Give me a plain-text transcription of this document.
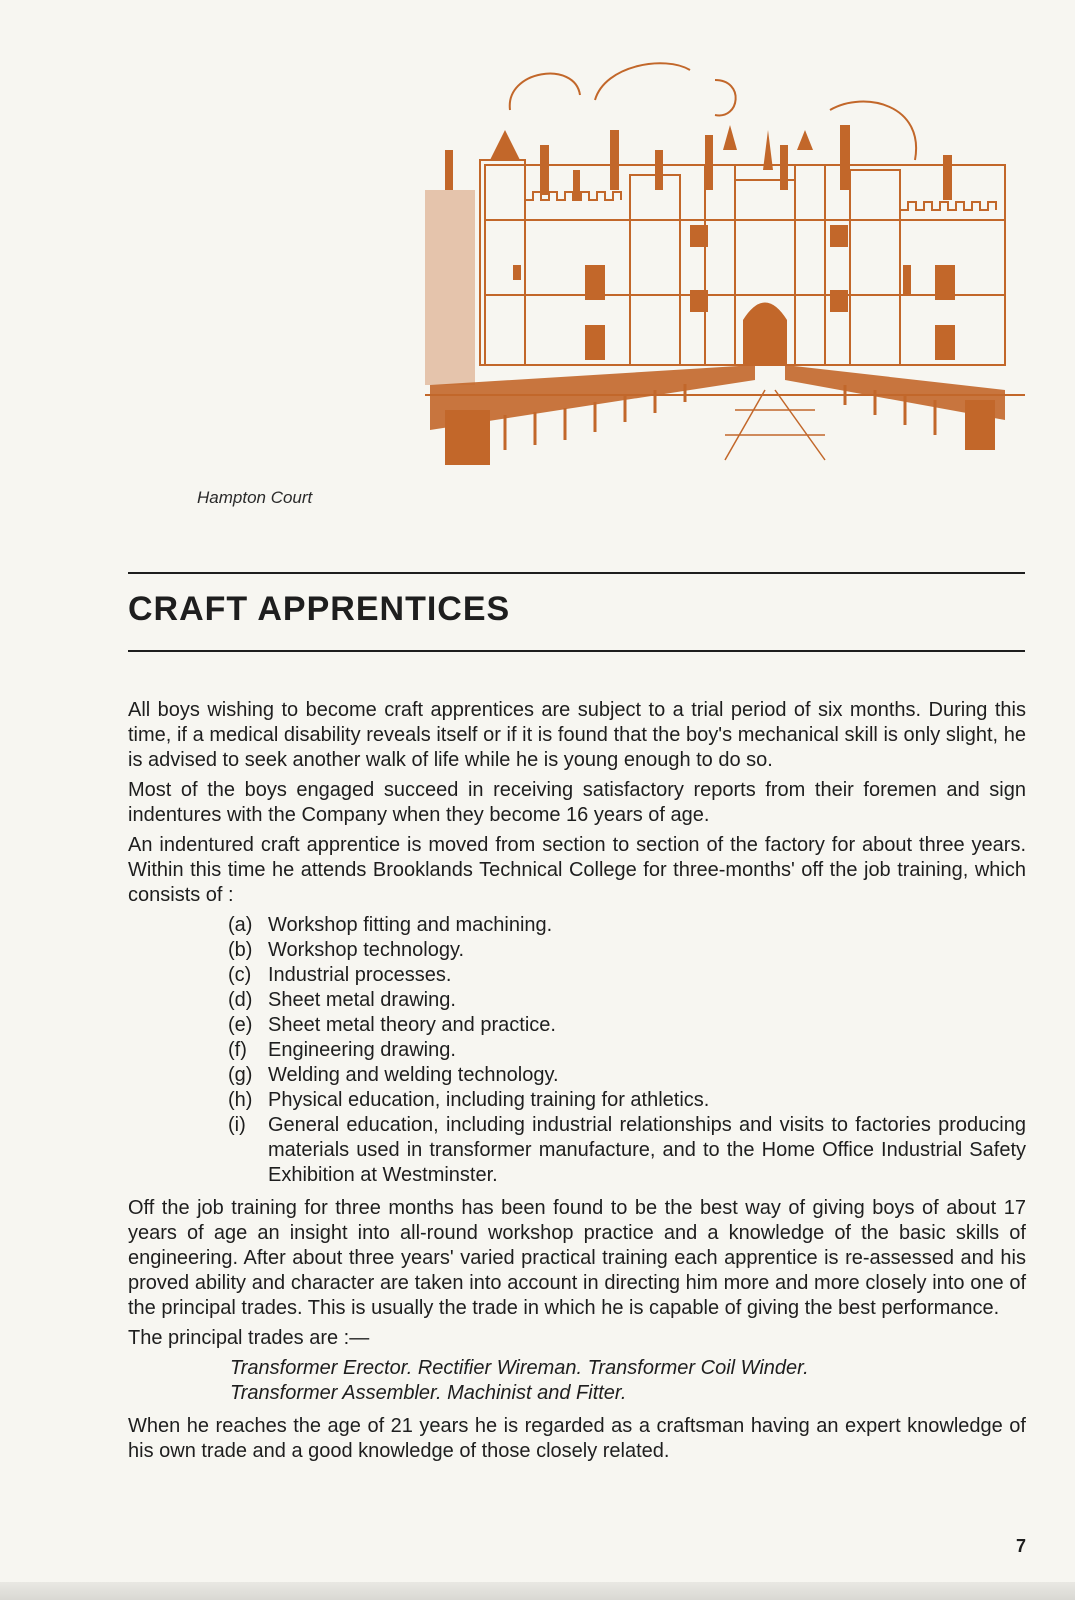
Hampton Court
CRAFT APPRENTICES

All boys wishing to become craft apprentices are subject to a trial period of six months. During this time, if a medical disability reveals itself or if it is found that the boy's mechanical skill is only slight, he is advised to seek another walk of life while he is young enough to do so.

Most of the boys engaged succeed in receiving satisfactory reports from their foremen and sign indentures with the Company when they become 16 years of age.

An indentured craft apprentice is moved from section to section of the factory for about three years. Within this time he attends Brooklands Technical College for three-months' off the job training, which consists of :

(a) Workshop fitting and machining.
(b) Workshop technology.
(c) Industrial processes.
(d) Sheet metal drawing.
(e) Sheet metal theory and practice.
(f)	Engineering drawing.
(g) Welding and welding technology.
(h) Physical education, including training for athletics.
(i)	General education, including industrial relationships and visits to factories producing materials used in transformer manufacture, and to the Home Office Industrial Safety Exhibition at Westminster.

Off the job training for three months has been found to be the best way of giving boys of about 17 years of age an insight into all-round workshop practice and a knowledge of the basic skills of engineering. After about three years' varied practical training each apprentice is re-assessed and his proved ability and character are taken into account in directing him more and more closely into one of the principal trades. This is usually the trade in which he is capable of giving the best performance.

The principal trades are :—

Transformer Erector. Rectifier Wireman. Transformer Coil Winder.
Transformer Assembler. Machinist and Fitter.

When he reaches the age of 21 years he is regarded as a craftsman having an expert knowledge of his own trade and a good knowledge of those closely related.

7
